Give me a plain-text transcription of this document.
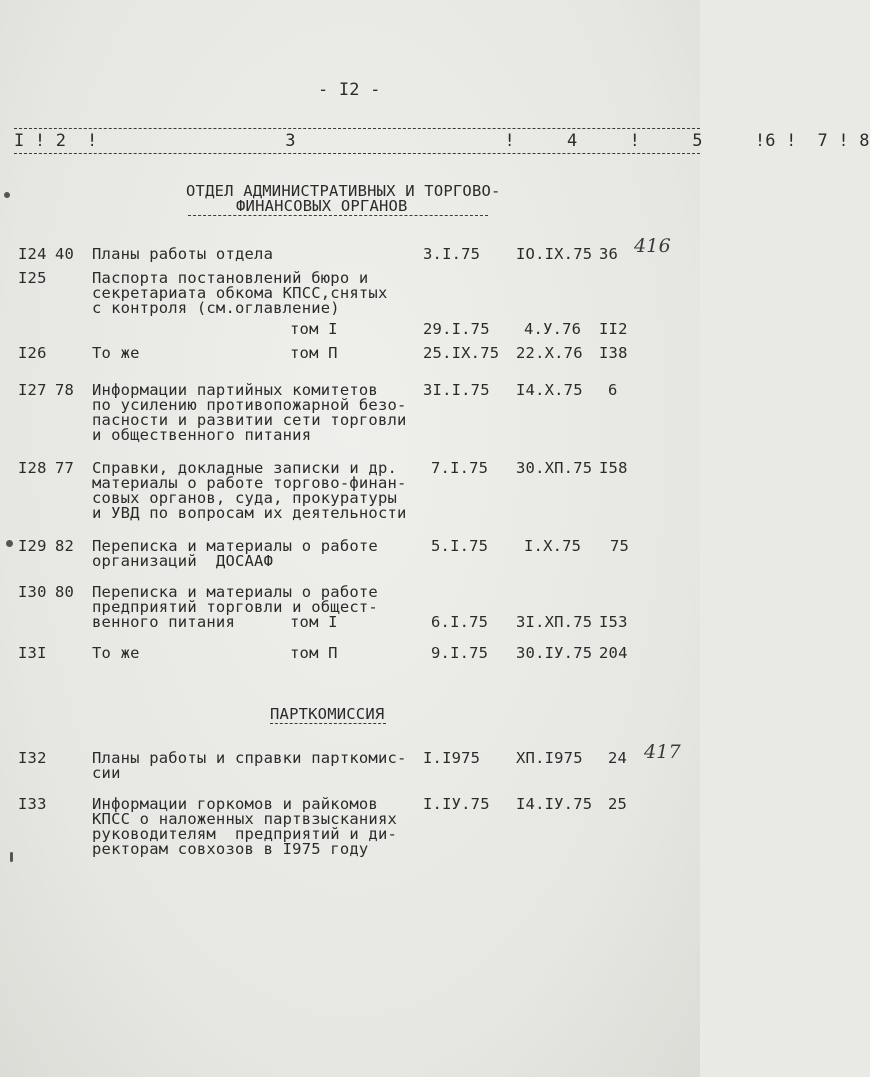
- I2 -
I ! 2  !                  3                    !     4     !     5     !6 !  7 ! 8
ОТДЕЛ АДМИНИСТРАТИВНЫХ И ТОРГОВО-
ФИНАНСОВЫХ ОРГАНОВ
I24 40 Планы работы отдела	3.I.75 IO.IX.75 36 416
I25	Паспорта постановлений бюро и
секретариата обкома КПСС,снятых
с контроля (см.оглавление)
том I	29.I.75 4.У.76 II2
I26	То же	том П	25.IX.75 22.X.76 I38
I27 78 Информации партийных комитетов
по усилению противопожарной безо-
пасности и развитии сети торговли
и общественного питания
3I.I.75 I4.X.75 6
I28 77 Справки, докладные записки и др.
материалы о работе торгово-финан-
совых органов, суда, прокуратуры
и УВД по вопросам их деятельности
7.I.75 30.XП.75 I58
I29 82 Переписка и материалы о работе
организаций  ДОСААФ
5.I.75 I.X.75 75
I30 80 Переписка и материалы о работе
предприятий торговли и общест-
венного питания	том I	6.I.75 3I.XП.75 I53
I3I	То же	том П	9.I.75 30.IУ.75 204
ПАРТКОМИССИЯ
I32	Планы работы и справки парткомис-
сии
I.I975 XП.I975 24 417
I33	Информации горкомов и райкомов
КПСС о наложенных партвзысканиях
руководителям  предприятий и ди-
ректорам совхозов в I975 году
I.IУ.75 I4.IУ.75 25
